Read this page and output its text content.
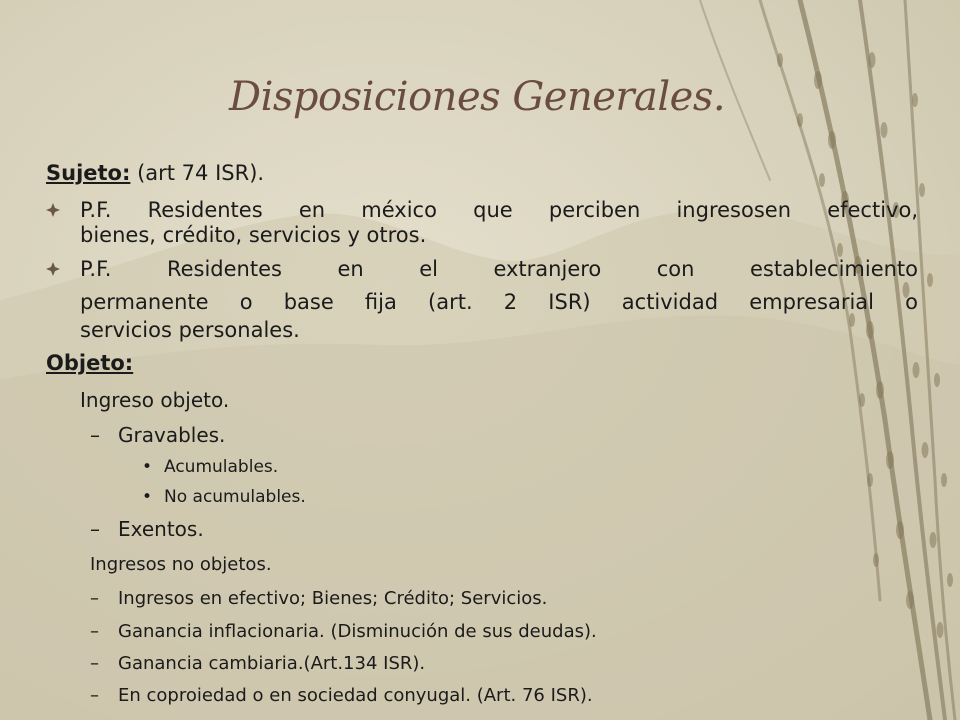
Disposiciones Generales.
Sujeto: (art 74 ISR).
P.F. Residentes en méxico que perciben ingresosen efectivo,
bienes, crédito, servicios y otros.
P.F. Residentes en el extranjero con establecimiento
permanente o base fija (art. 2 ISR) actividad empresarial o
servicios personales.
Objeto:
Ingreso objeto.
– Gravables.
• Acumulables.
• No acumulables.
– Exentos.
Ingresos no objetos.
– Ingresos en efectivo; Bienes; Crédito; Servicios.
– Ganancia inflacionaria. (Disminución de sus deudas).
– Ganancia cambiaria.(Art.134 ISR).
– En coproiedad o en sociedad conyugal. (Art. 76 ISR).
